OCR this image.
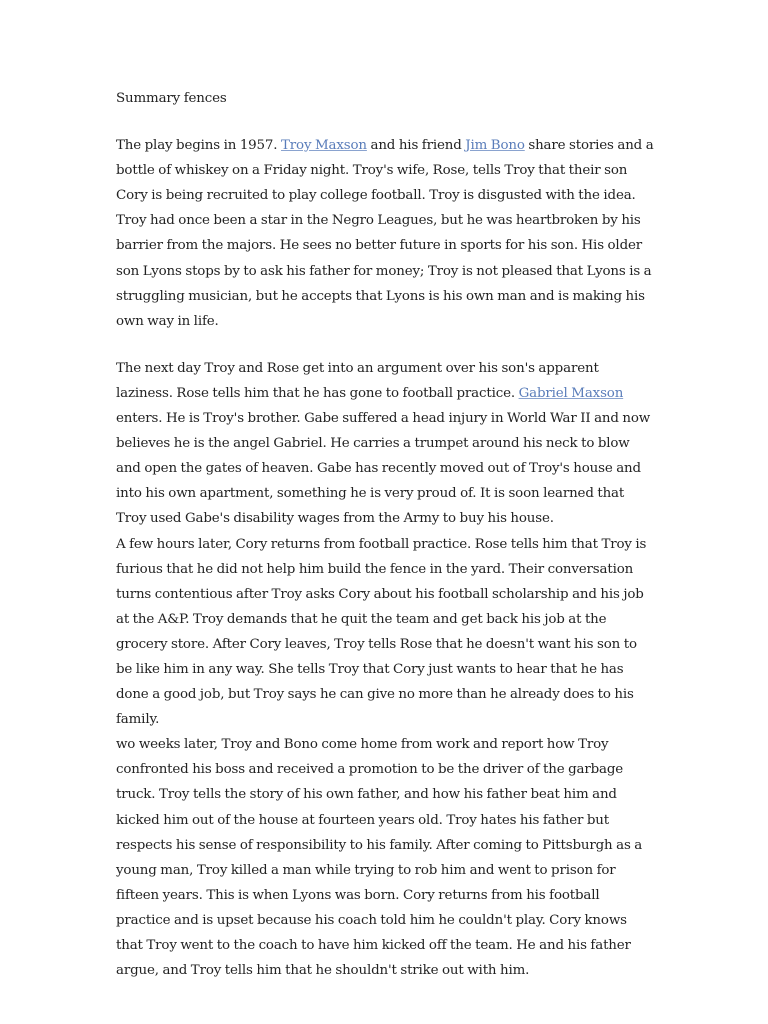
Summary fences

The play begins in 1957. Troy Maxson and his friend Jim Bono share stories and a bottle of whiskey on a Friday night. Troy's wife, Rose, tells Troy that their son Cory is being recruited to play college football. Troy is disgusted with the idea. Troy had once been a star in the Negro Leagues, but he was heartbroken by his barrier from the majors. He sees no better future in sports for his son. His older son Lyons stops by to ask his father for money; Troy is not pleased that Lyons is a struggling musician, but he accepts that Lyons is his own man and is making his own way in life.

The next day Troy and Rose get into an argument over his son's apparent laziness. Rose tells him that he has gone to football practice. Gabriel Maxson enters. He is Troy's brother. Gabe suffered a head injury in World War II and now believes he is the angel Gabriel. He carries a trumpet around his neck to blow and open the gates of heaven. Gabe has recently moved out of Troy's house and into his own apartment, something he is very proud of. It is soon learned that Troy used Gabe's disability wages from the Army to buy his house.

A few hours later, Cory returns from football practice. Rose tells him that Troy is furious that he did not help him build the fence in the yard. Their conversation turns contentious after Troy asks Cory about his football scholarship and his job at the A&P. Troy demands that he quit the team and get back his job at the grocery store. After Cory leaves, Troy tells Rose that he doesn't want his son to be like him in any way. She tells Troy that Cory just wants to hear that he has done a good job, but Troy says he can give no more than he already does to his family.

wo weeks later, Troy and Bono come home from work and report how Troy confronted his boss and received a promotion to be the driver of the garbage truck. Troy tells the story of his own father, and how his father beat him and kicked him out of the house at fourteen years old. Troy hates his father but respects his sense of responsibility to his family. After coming to Pittsburgh as a young man, Troy killed a man while trying to rob him and went to prison for fifteen years. This is when Lyons was born. Cory returns from his football practice and is upset because his coach told him he couldn't play. Cory knows that Troy went to the coach to have him kicked off the team. He and his father argue, and Troy tells him that he shouldn't strike out with him.
